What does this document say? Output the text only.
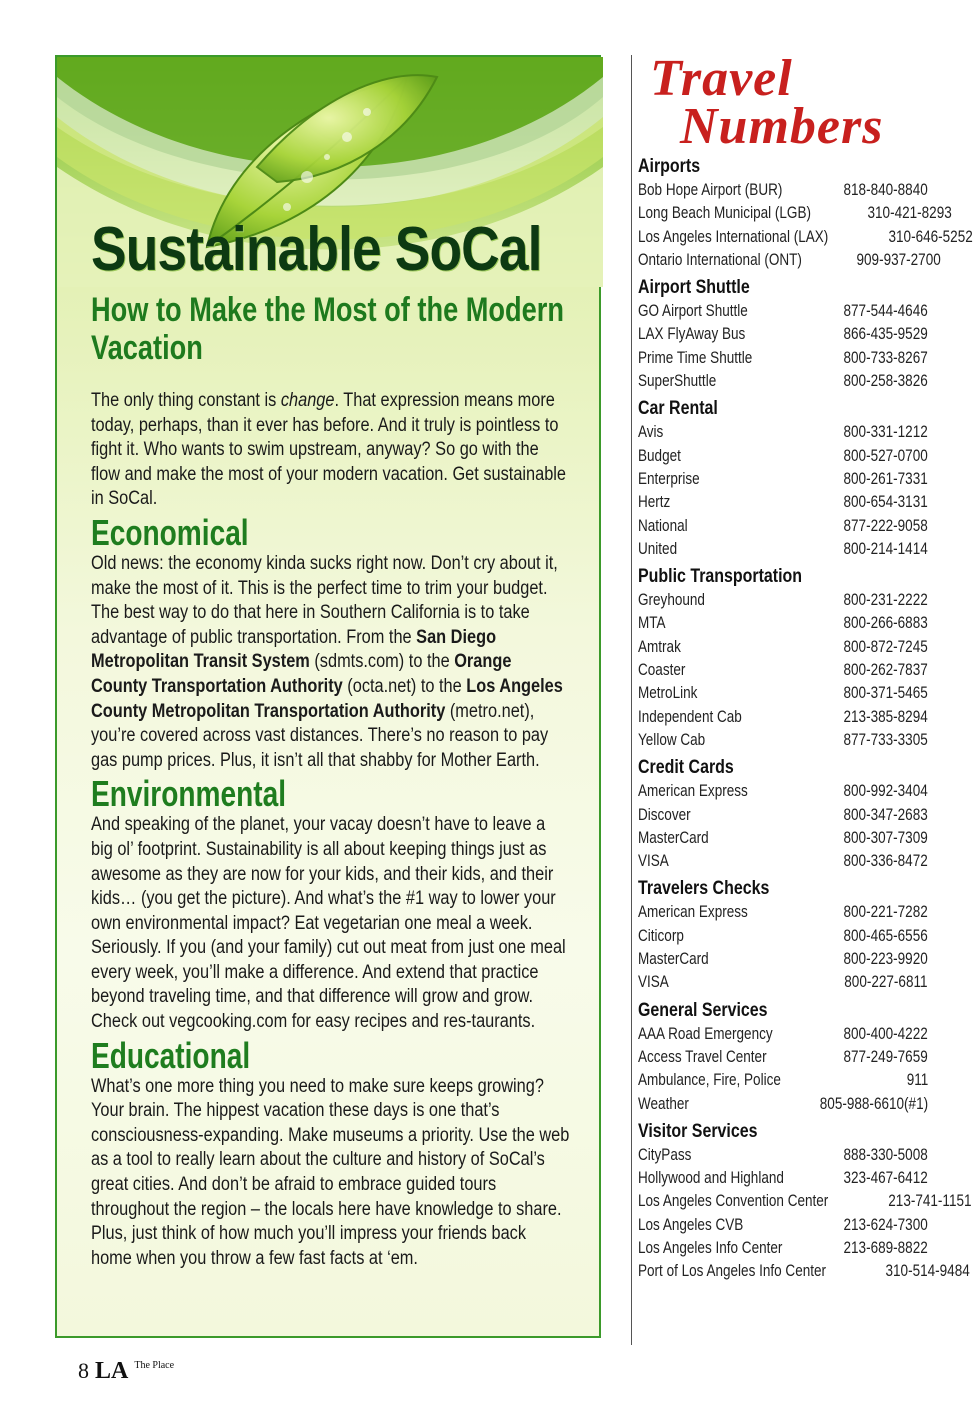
Sustainable SoCal
How to Make the Most of the Modern Vacation

The only thing constant is change. That expression means more today, perhaps, than it ever has before. And it truly is pointless to fight it. Who wants to swim upstream, anyway? So go with the flow and make the most of your modern vacation. Get sustainable in SoCal.

Economical

Old news: the economy kinda sucks right now. Don’t cry about it, make the most of it. This is the perfect time to trim your budget. The best way to do that here in Southern California is to take advantage of public transportation. From the San Diego Metropolitan Transit System (sdmts.com) to the Orange County Transportation Authority (octa.net) to the Los Angeles County Metropolitan Transportation Authority (metro.net), you’re covered across vast distances. There’s no reason to pay gas pump prices. Plus, it isn’t all that shabby for Mother Earth.

Environmental

And speaking of the planet, your vacay doesn’t have to leave a big ol’ footprint. Sustainability is all about keeping things just as awesome as they are now for your kids, and their kids, and their kids… (you get the picture). And what’s the #1 way to lower your own environmental impact? Eat vegetarian one meal a week. Seriously. If you (and your family) cut out meat from just one meal every week, you’ll make a difference. And extend that practice beyond traveling time, and that difference will grow and grow. Check out vegcooking.com for easy recipes and res-taurants.

Educational

What’s one more thing you need to make sure keeps growing? Your brain. The hippest vacation these days is one that’s consciousness-expanding. Make museums a priority. Use the web as a tool to really learn about the culture and history of SoCal’s great cities. And don’t be afraid to embrace guided tours throughout the region – the locals here have knowledge to share. Plus, just think of how much you’ll impress your friends back home when you throw a few fast facts at ‘em.

8 LA The Place
Travel
Numbers
Airports
Bob Hope Airport (BUR)	818-840-8840
Long Beach Municipal (LGB)	310-421-8293
Los Angeles International (LAX)	310-646-5252
Ontario International (ONT)	909-937-2700
Airport Shuttle
GO Airport Shuttle	877-544-4646
LAX FlyAway Bus	866-435-9529
Prime Time Shuttle	800-733-8267
SuperShuttle	800-258-3826
Car Rental
Avis	800-331-1212
Budget	800-527-0700
Enterprise	800-261-7331
Hertz	800-654-3131
National	877-222-9058
United	800-214-1414
Public Transportation
Greyhound	800-231-2222
MTA	800-266-6883
Amtrak	800-872-7245
Coaster	800-262-7837
MetroLink	800-371-5465
Independent Cab	213-385-8294
Yellow Cab	877-733-3305
Credit Cards
American Express	800-992-3404
Discover	800-347-2683
MasterCard	800-307-7309
VISA	800-336-8472
Travelers Checks
American Express	800-221-7282
Citicorp	800-465-6556
MasterCard	800-223-9920
VISA	800-227-6811
General Services
AAA Road Emergency	800-400-4222
Access Travel Center	877-249-7659
Ambulance, Fire, Police	911
Weather	805-988-6610(#1)
Visitor Services
CityPass	888-330-5008
Hollywood and Highland	323-467-6412
Los Angeles Convention Center	213-741-1151
Los Angeles CVB	213-624-7300
Los Angeles Info Center	213-689-8822
Port of Los Angeles Info Center	310-514-9484
